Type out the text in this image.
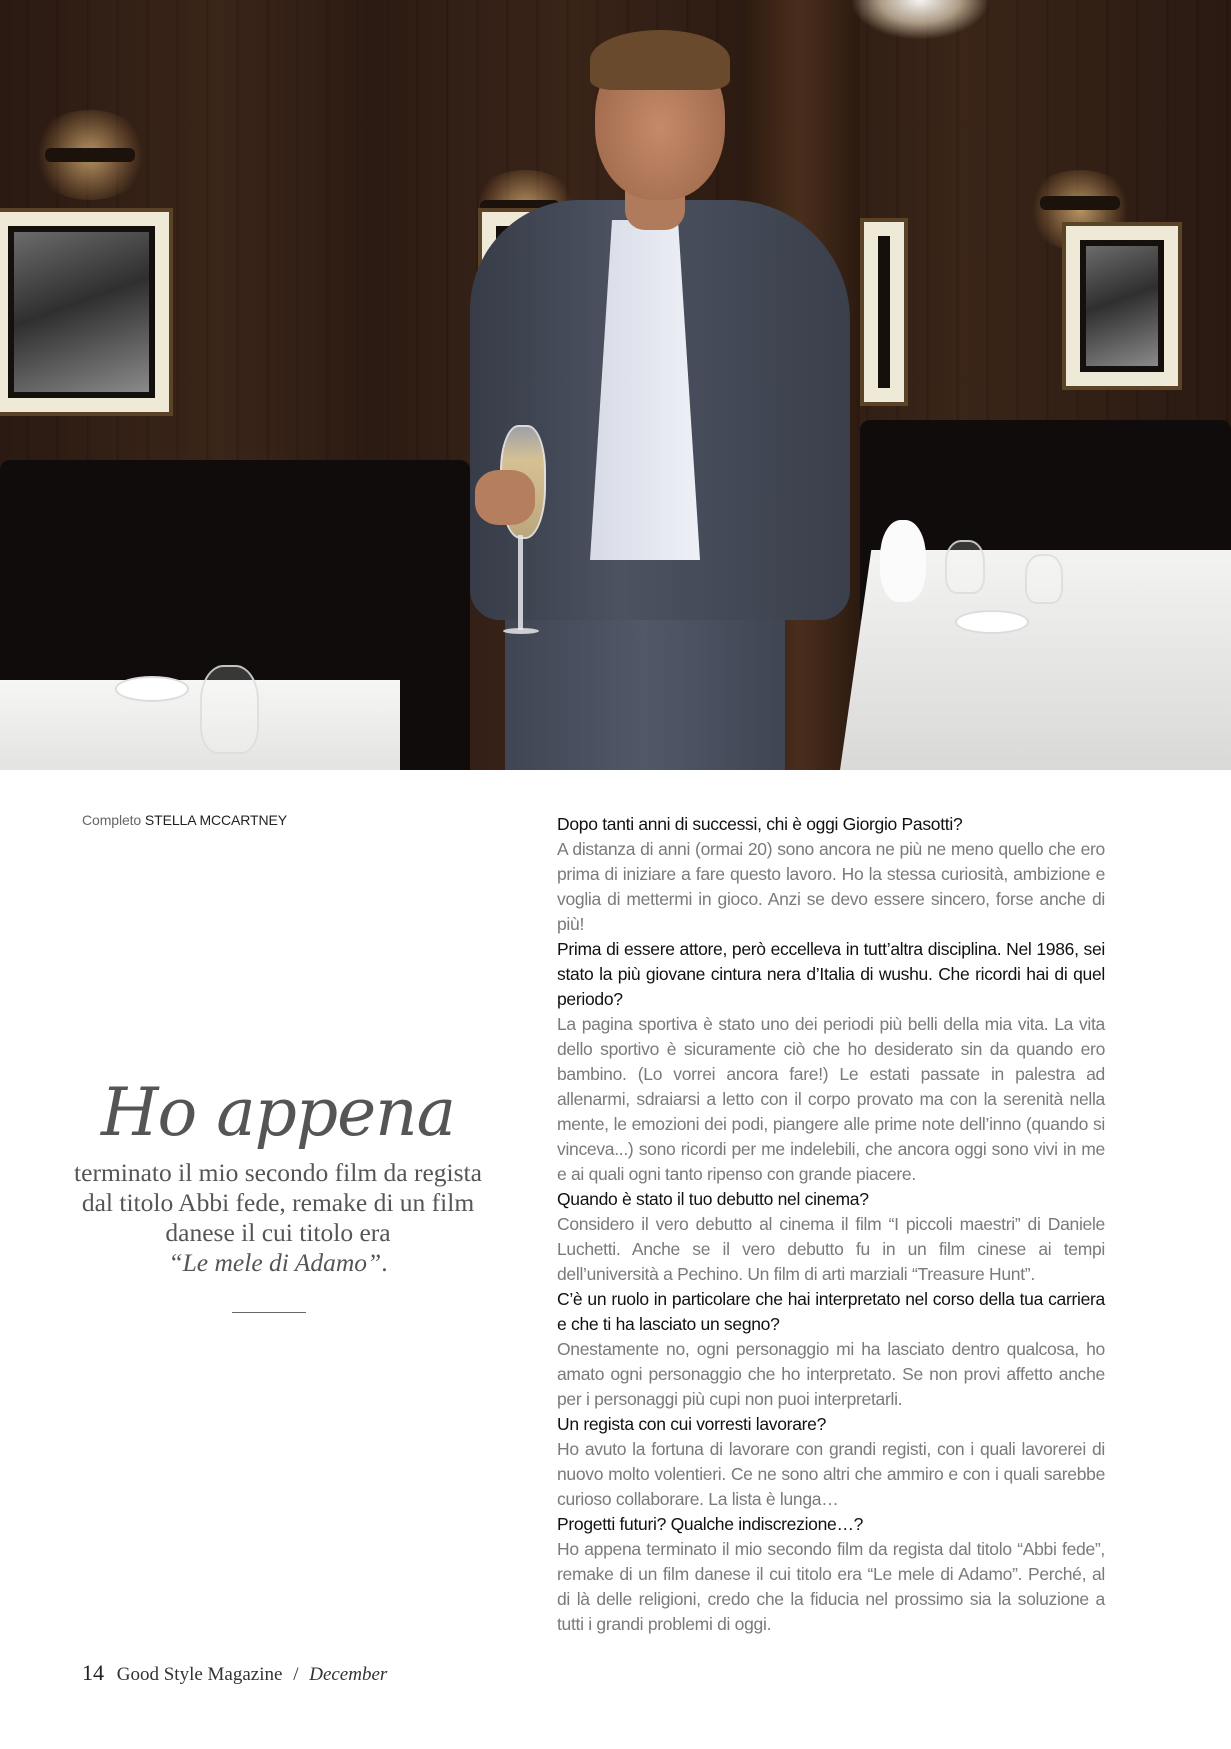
Completo STELLA MCCARTNEY
Ho appena
terminato il mio secondo film da regista dal titolo Abbi fede, remake di un film danese il cui titolo era
“Le mele di Adamo”.

Dopo tanti anni di successi, chi è oggi Giorgio Pasotti?

A distanza di anni (ormai 20) sono ancora ne più ne meno quello che ero prima di iniziare a fare questo lavoro. Ho la stessa curiosità, ambizione e voglia di mettermi in gioco. Anzi se devo essere sincero, forse anche di più!

Prima di essere attore, però eccelleva in tutt’altra disciplina. Nel 1986, sei stato la più giovane cintura nera d’Italia di wushu. Che ricordi hai di quel periodo?

La pagina sportiva è stato uno dei periodi più belli della mia vita. La vita dello sportivo è sicuramente ciò che ho desiderato sin da quando ero bambino. (Lo vorrei ancora fare!) Le estati passate in palestra ad allenarmi, sdraiarsi a letto con il corpo provato ma con la serenità nella mente, le emozioni dei podi, piangere alle prime note dell’inno (quando si vinceva...) sono ricordi per me indelebili, che ancora oggi sono vivi in me e ai quali ogni tanto ripenso con grande piacere.

Quando è stato il tuo debutto nel cinema?

Considero il vero debutto al cinema il film “I piccoli maestri” di Daniele Luchetti. Anche se il vero debutto fu in un film cinese ai tempi dell’università a Pechino. Un film di arti marziali “Treasure Hunt”.

C’è un ruolo in particolare che hai interpretato nel corso della tua carriera e che ti ha lasciato un segno?

Onestamente no, ogni personaggio mi ha lasciato dentro qualcosa, ho amato ogni personaggio che ho interpretato. Se non provi affetto anche per i personaggi più cupi non puoi interpretarli.

Un regista con cui vorresti lavorare?

Ho avuto la fortuna di lavorare con grandi registi, con i quali lavorerei di nuovo molto volentieri. Ce ne sono altri che ammiro e con i quali sarebbe curioso collaborare. La lista è lunga…

Progetti futuri? Qualche indiscrezione…?

Ho appena terminato il mio secondo film da regista dal titolo “Abbi fede”, remake di un film danese il cui titolo era “Le mele di Adamo”. Perché, al di là delle religioni, credo che la fiducia nel prossimo sia la soluzione a tutti i grandi problemi di oggi.

14 Good Style Magazine / December
